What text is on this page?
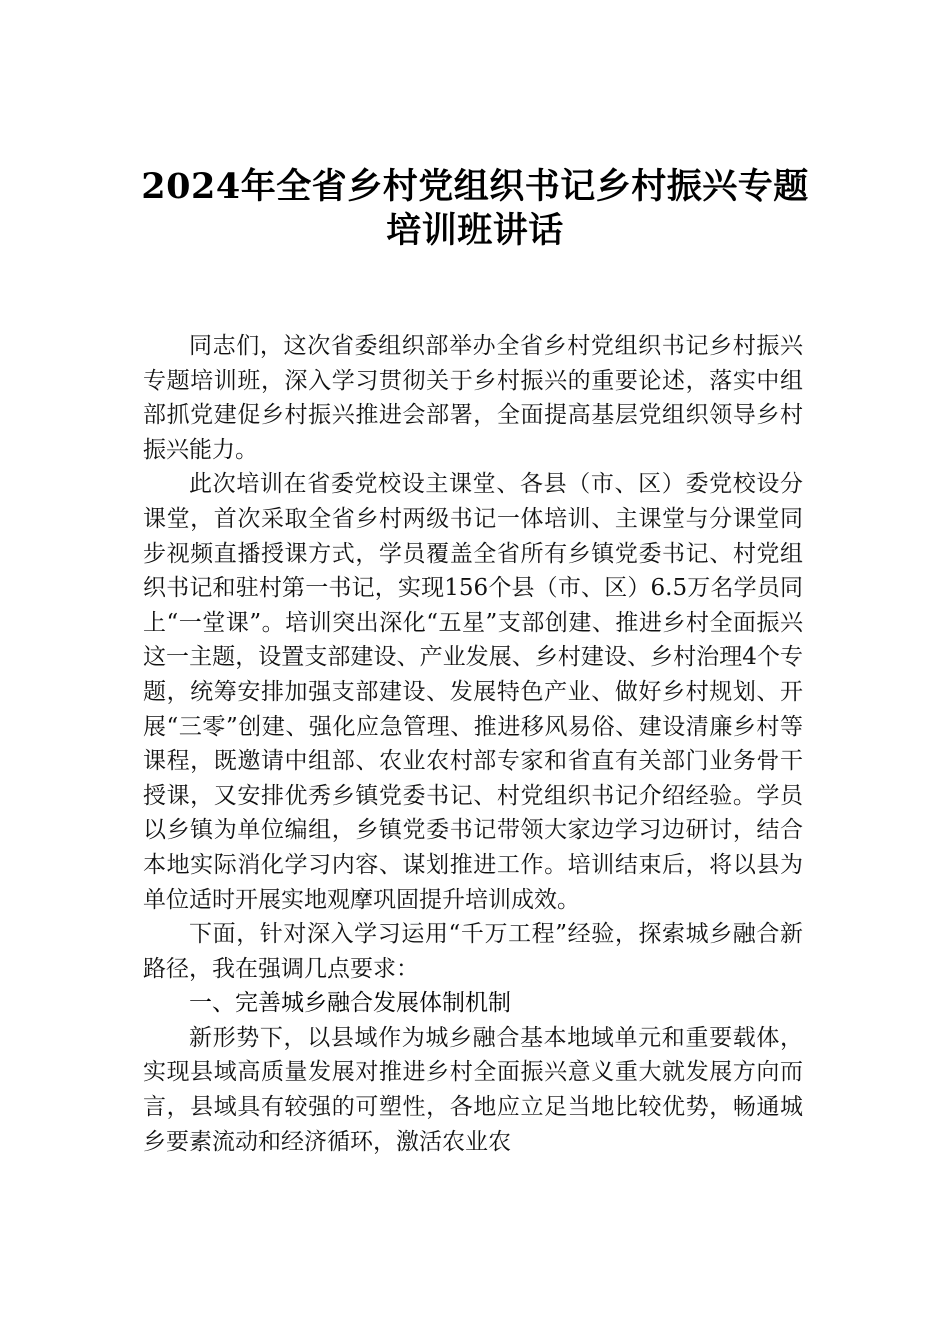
2024年全省乡村党组织书记乡村振兴专题
培训班讲话

同志们，这次省委组织部举办全省乡村党组织书记乡村振兴专题培训班，深入学习贯彻关于乡村振兴的重要论述，落实中组部抓党建促乡村振兴推进会部署，全面提高基层党组织领导乡村振兴能力。

此次培训在省委党校设主课堂、各县（市、区）委党校设分课堂，首次采取全省乡村两级书记一体培训、主课堂与分课堂同步视频直播授课方式，学员覆盖全省所有乡镇党委书记、村党组织书记和驻村第一书记，实现156个县（市、区）6.5万名学员同上“一堂课”。培训突出深化“五星”支部创建、推进乡村全面振兴这一主题，设置支部建设、产业发展、乡村建设、乡村治理4个专题，统筹安排加强支部建设、发展特色产业、做好乡村规划、开展“三零”创建、强化应急管理、推进移风易俗、建设清廉乡村等课程，既邀请中组部、农业农村部专家和省直有关部门业务骨干授课，又安排优秀乡镇党委书记、村党组织书记介绍经验。学员以乡镇为单位编组，乡镇党委书记带领大家边学习边研讨，结合本地实际消化学习内容、谋划推进工作。培训结束后，将以县为单位适时开展实地观摩巩固提升培训成效。

下面，针对深入学习运用“千万工程”经验，探索城乡融合新路径，我在强调几点要求：

一、完善城乡融合发展体制机制

新形势下，以县域作为城乡融合基本地域单元和重要载体，实现县域高质量发展对推进乡村全面振兴意义重大就发展方向而言，县域具有较强的可塑性，各地应立足当地比较优势，畅通城乡要素流动和经济循环，激活农业农
